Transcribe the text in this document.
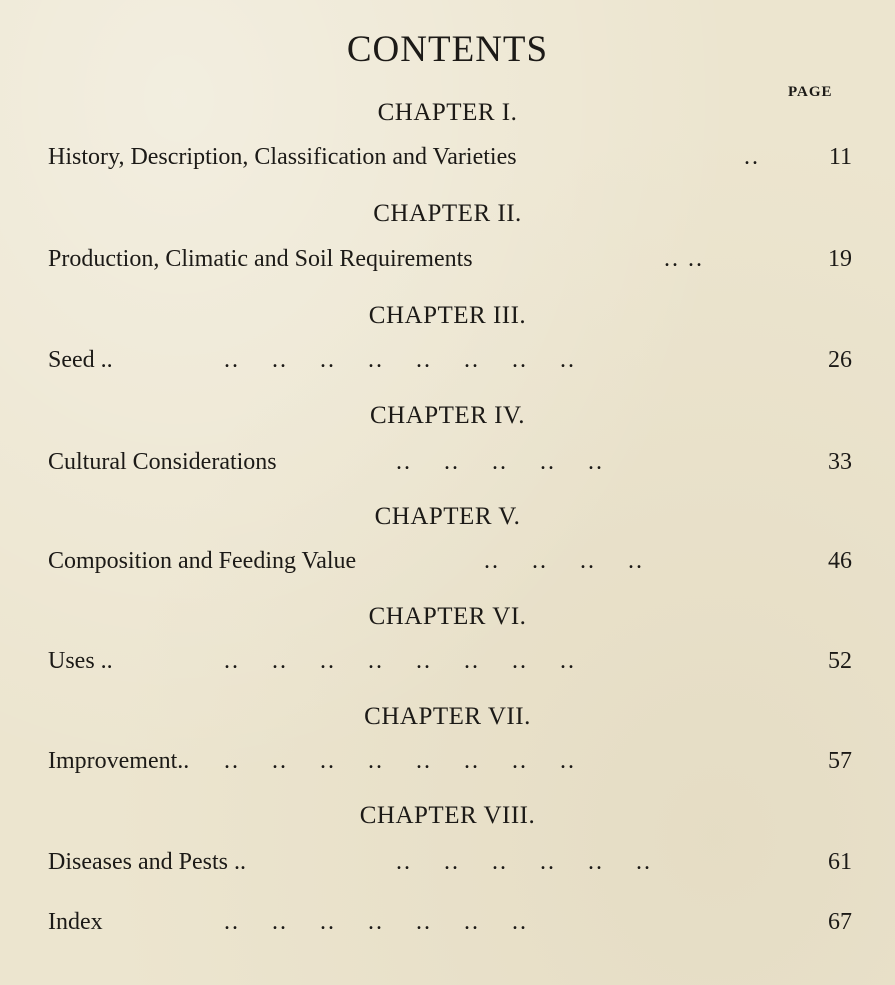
CONTENTS
PAGE
CHAPTER I.
History, Description, Classification and Varieties	..	11
CHAPTER II.
Production, Climatic and Soil Requirements	.. ..	19
CHAPTER III.
Seed ..	..    ..    ..    ..    ..    ..    ..    ..	26
CHAPTER IV.
Cultural Considerations	..    ..    ..    ..    ..	33
CHAPTER V.
Composition and Feeding Value	..    ..    ..    ..	46
CHAPTER VI.
Uses ..	..    ..    ..    ..    ..    ..    ..    ..	52
CHAPTER VII.
Improvement.. ..    ..    ..    ..    ..    ..    ..    ..	57
CHAPTER VIII.
Diseases and Pests ..	..    ..    ..    ..    ..    ..	61
Index	..    ..    ..    ..    ..    ..    ..	67
